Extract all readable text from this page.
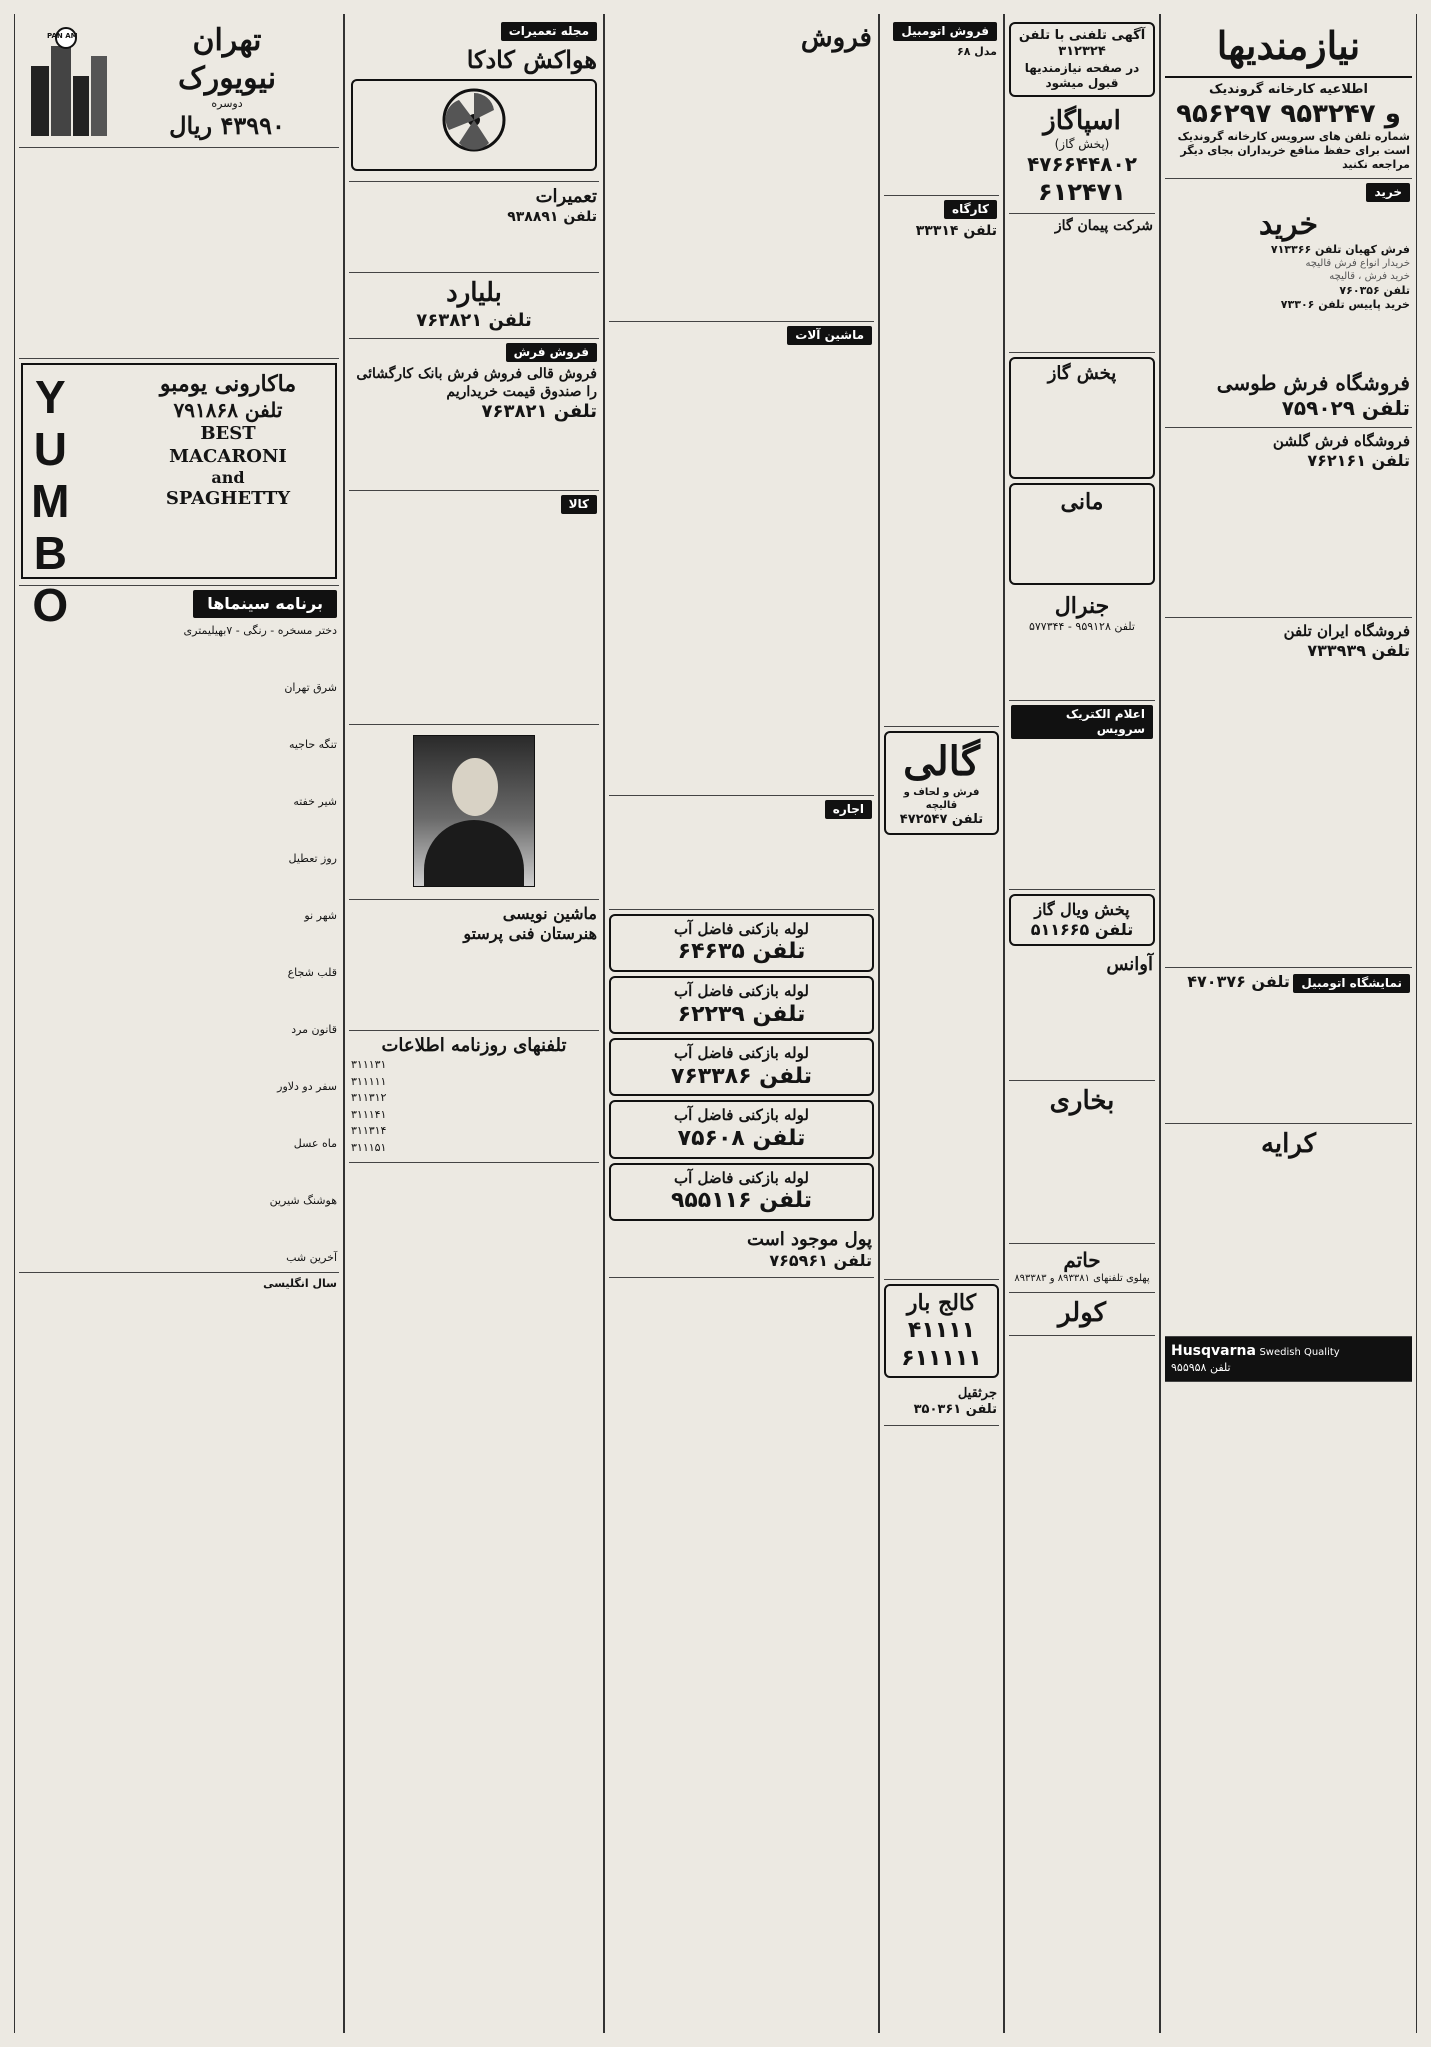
نیازمندیها
اطلاعیه کارخانه گروندیک
۹۵۶۲۹۷ و ۹۵۳۲۴۷
شماره تلفن های سرویس کارخانه گروندیک است برای حفظ منافع خریداران بجای دیگر مراجعه نکنید
خرید
خرید
فرش کهیان تلفن ۷۱۳۳۶۶
خریدار انواع فرش قالیچه
خرید فرش ، قالیچه
تلفن ۷۶۰۳۵۶
خرید پاییس تلفن ۷۳۳۰۶
فروشگاه فرش طوسی
تلفن ۷۵۹۰۲۹
فروشگاه فرش گلشن
تلفن ۷۶۲۱۶۱
فروشگاه ایران تلفن
تلفن ۷۳۳۹۳۹
نمایشگاه اتومبیل تلفن ۴۷۰۳۷۶
کرایه
Husqvarna Swedish Quality
تلفن ۹۵۵۹۵۸
آگهی تلفنی با تلفن ۳۱۲۳۲۴
در صفحه نیازمندیها قبول میشود
اسپاگاز
(پخش گاز)
۴۷۶۶۴۴۸۰۲ ۶۱۲۴۷۱
شرکت پیمان گاز
پخش گاز
مانی
جنرال
تلفن ۹۵۹۱۲۸ - ۵۷۷۳۴۴
اعلام الکتریک سرویس
پخش ویال گاز
تلفن ۵۱۱۶۶۵
آوانس
بخاری
حاتم
پهلوی تلفنهای ۸۹۳۳۸۱ و ۸۹۳۳۸۳
کولر
فروش اتومبیل
مدل ۶۸
کارگاه تلفن ۳۳۳۱۴
گالی
فرش و لحاف و قالیچه
تلفن ۴۷۲۵۴۷
کالج بار
۴۱۱۱۱
۶۱۱۱۱۱
جرثقیل
تلفن ۳۵۰۳۶۱
فروش
ماشین آلات
اجاره
لوله بازکنی فاضل آب
۶۴۶۳۵ تلفن
لوله بازکنی فاضل آب
۶۲۲۳۹ تلفن
لوله بازکنی فاضل آب
۷۶۳۳۸۶ تلفن
لوله بازکنی فاضل آب
۷۵۶۰۸ تلفن
لوله بازکنی فاضل آب
۹۵۵۱۱۶ تلفن
پول موجود است
تلفن ۷۶۵۹۶۱
مجله تعمیرات
هواکش کادکا
تعمیرات
تلفن ۹۳۸۸۹۱
بلیارد
تلفن ۷۶۳۸۲۱
فروش فرش
فروش قالی فروش فرش بانک کارگشائی را صندوق قیمت خریداریم
تلفن ۷۶۳۸۲۱
کالا
ماشین نویسی
هنرستان فنی پرستو
تلفنهای روزنامه اطلاعات
۳۱۱۱۳۱
۳۱۱۱۱۱
۳۱۱۳۱۲
۳۱۱۱۴۱
۳۱۱۳۱۴
۳۱۱۱۵۱
تهران
نیویورک
دوسره
۴۳۹۹۰ ریال
PAN AM
YUMBO	ماکارونی یومبو
تلفن ۷۹۱۸۶۸
BEST
MACARONI
and
SPAGHETTY
برنامه سینماها
دختر مسخره - رنگی - ۷بهیلیمتری
شرق تهران
تنگه حاجیه
شیر خفته
روز تعطیل
شهر نو
قلب شجاع
قانون مرد
سفر دو دلاور
ماه عسل
هوشنگ شیرین
آخرین شب
سال انگلیسی
